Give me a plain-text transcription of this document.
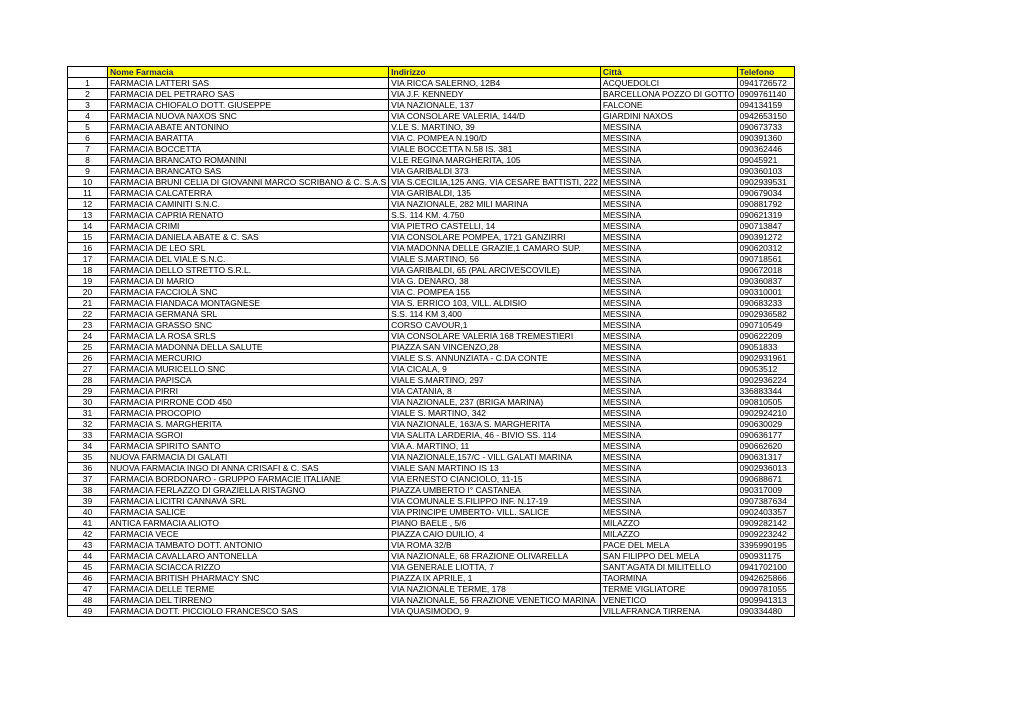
	Nome Farmacia	Indirizzo	Città	Telefono
1	FARMACIA LATTERI SAS	VIA RICCA SALERNO, 12B4	ACQUEDOLCI	0941726572
2	FARMACIA DEL PETRARO SAS	VIA J.F. KENNEDY	BARCELLONA POZZO DI GOTTO	0909761140
3	FARMACIA CHIOFALO DOTT. GIUSEPPE	VIA NAZIONALE, 137	FALCONE	094134159
4	FARMACIA NUOVA NAXOS SNC	VIA CONSOLARE VALERIA, 144/D	GIARDINI NAXOS	0942653150
5	FARMACIA ABATE ANTONINO	V.LE S. MARTINO, 39	MESSINA	090673733
6	FARMACIA BARATTA	VIA C. POMPEA N.190/D	MESSINA	090391360
7	FARMACIA BOCCETTA	VIALE BOCCETTA N.58 IS. 381	MESSINA	090362446
8	FARMACIA BRANCATO ROMANINI	V.LE REGINA MARGHERITA, 105	MESSINA	09045921
9	FARMACIA BRANCATO SAS	VIA GARIBALDI 373	MESSINA	090360103
10	FARMACIA BRUNI CELIA DI GIOVANNI MARCO SCRIBANO & C. S.A.S	VIA S.CECILIA,125 ANG. VIA CESARE BATTISTI, 222	MESSINA	0902939531
11	FARMACIA CALCATERRA	VIA GARIBALDI, 135	MESSINA	090679034
12	FARMACIA CAMINITI S.N.C.	VIA NAZIONALE, 282 MILI MARINA	MESSINA	090881792
13	FARMACIA CAPRIA RENATO	S.S. 114 KM. 4.750	MESSINA	090621319
14	FARMACIA CRIMI	VIA PIETRO CASTELLI, 14	MESSINA	090713847
15	FARMACIA DANIELA ABATE & C. SAS	VIA CONSOLARE POMPEA, 1721 GANZIRRI	MESSINA	090391272
16	FARMACIA DE LEO SRL	VIA MADONNA DELLE GRAZIE,1 CAMARO SUP.	MESSINA	090620312
17	FARMACIA DEL VIALE S.N.C.	VIALE S.MARTINO, 56	MESSINA	090718561
18	FARMACIA DELLO STRETTO S.R.L.	VIA GARIBALDI, 65 (PAL ARCIVESCOVILE)	MESSINA	090672018
19	FARMACIA DI MARIO	VIA G. DENARO, 38	MESSINA	090360837
20	FARMACIA FACCIOLÀ SNC	VIA C. POMPEA 155	MESSINA	090310001
21	FARMACIA FIANDACA MONTAGNESE	VIA S. ERRICO 103, VILL. ALDISIO	MESSINA	090683233
22	FARMACIA GERMANÀ SRL	S.S. 114 KM 3,400	MESSINA	0902936582
23	FARMACIA GRASSO SNC	CORSO CAVOUR,1	MESSINA	090710549
24	FARMACIA LA ROSA SRLS	VIA CONSOLARE VALERIA 168 TREMESTIERI	MESSINA	090622209
25	FARMACIA MADONNA DELLA SALUTE	PIAZZA SAN VINCENZO,28	MESSINA	09051833
26	FARMACIA MERCURIO	VIALE S.S. ANNUNZIATA - C.DA CONTE	MESSINA	0902931961
27	FARMACIA MURICELLO SNC	VIA CICALA, 9	MESSINA	09053512
28	FARMACIA PAPISCA	VIALE S.MARTINO, 297	MESSINA	0902936224
29	FARMACIA PIRRI	VIA CATANIA, 8	MESSINA	336883344
30	FARMACIA PIRRONE COD 450	VIA NAZIONALE, 237 (BRIGA MARINA)	MESSINA	090810505
31	FARMACIA PROCOPIO	VIALE S. MARTINO, 342	MESSINA	0902924210
32	FARMACIA S. MARGHERITA	VIA NAZIONALE, 163/A S. MARGHERITA	MESSINA	090630029
33	FARMACIA SGROI	VIA SALITA LARDERIA, 46 - BIVIO SS. 114	MESSINA	090636177
34	FARMACIA SPIRITO SANTO	VIA A. MARTINO, 11	MESSINA	090662620
35	NUOVA FARMACIA DI GALATI	VIA NAZIONALE,157/C - VILL GALATI MARINA	MESSINA	090631317
36	NUOVA FARMACIA INGO DI ANNA CRISAFI & C. SAS	VIALE SAN MARTINO IS 13	MESSINA	0902936013
37	FARMACIA BORDONARO - GRUPPO FARMACIE ITALIANE	VIA ERNESTO CIANCIOLO, 11-15	MESSINA	090688671
38	FARMACIA FERLAZZO DI GRAZIELLA RISTAGNO	PIAZZA UMBERTO I° CASTANEA	MESSINA	090317009
39	FARMACIA LICITRI CANNAVÀ SRL	VIA COMUNALE S.FILIPPO INF. N.17-19	MESSINA	0907387634
40	FARMACIA SALICE	VIA PRINCIPE UMBERTO- VILL. SALICE	MESSINA	0902403357
41	ANTICA FARMACIA ALIOTO	PIANO BAELE , 5/6	MILAZZO	0909282142
42	FARMACIA VECE	PIAZZA CAIO DUILIO, 4	MILAZZO	0909223242
43	FARMACIA TAMBATO DOTT. ANTONIO	VIA ROMA 32/B	PACE DEL MELA	3395990195
44	FARMACIA CAVALLARO ANTONELLA	VIA NAZIONALE, 68 FRAZIONE OLIVARELLA	SAN FILIPPO DEL MELA	090931175
45	FARMACIA SCIACCA RIZZO	VIA GENERALE LIOTTA, 7	SANT'AGATA DI MILITELLO	0941702100
46	FARMACIA BRITISH PHARMACY SNC	PIAZZA IX APRILE, 1	TAORMINA	0942625866
47	FARMACIA DELLE TERME	VIA NAZIONALE TERME, 178	TERME VIGLIATORE	0909781055
48	FARMACIA DEL TIRRENO	VIA NAZIONALE, 56 FRAZIONE VENETICO MARINA	VENETICO	0909941313
49	FARMACIA DOTT. PICCIOLO FRANCESCO SAS	VIA QUASIMODO, 9	VILLAFRANCA TIRRENA	090334480
